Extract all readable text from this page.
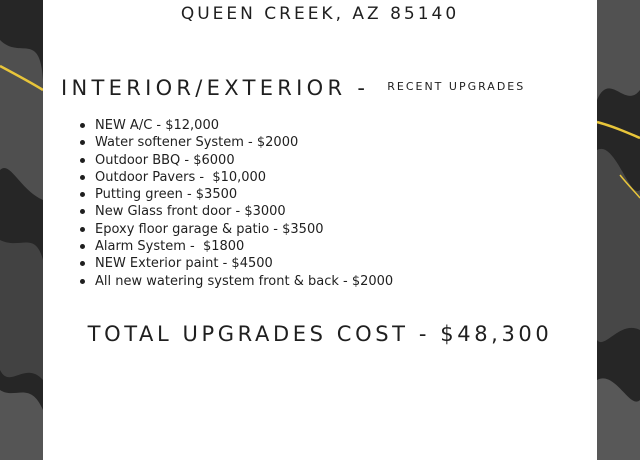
QUEEN CREEK, AZ 85140
INTERIOR/EXTERIOR - RECENT UPGRADES
NEW A/C - $12,000
Water softener System - $2000
Outdoor BBQ - $6000
Outdoor Pavers -  $10,000
Putting green - $3500
New Glass front door - $3000
Epoxy floor garage & patio - $3500
Alarm System -  $1800
NEW Exterior paint - $4500
All new watering system front & back - $2000
TOTAL UPGRADES COST - $48,300
